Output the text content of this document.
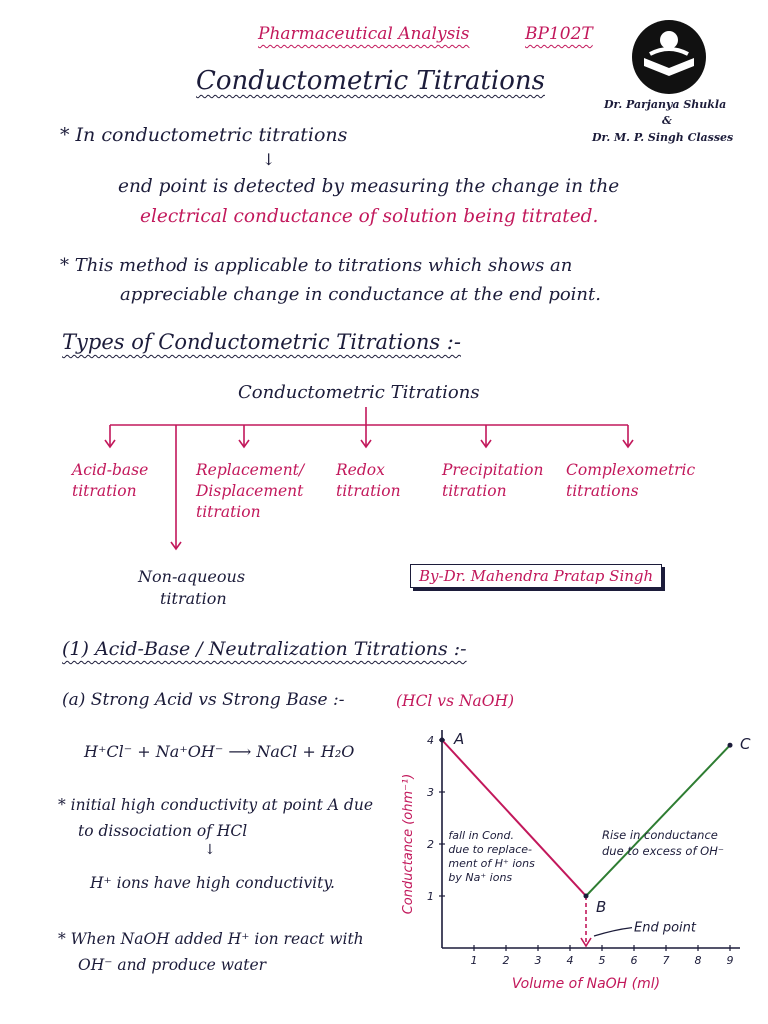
Pharmaceutical Analysis	BP102T
Dr. Parjanya Shukla
&
Dr. M. P. Singh Classes
Conductometric Titrations
* In conductometric titrations
↓
end point is detected by measuring the change in the
electrical conductance of solution being titrated.
* This method is applicable to titrations which shows an
appreciable change in conductance at the end point.
Types of Conductometric Titrations :-
Conductometric Titrations
Acid-base
titration
Replacement/
Displacement
titration
Redox
titration
Precipitation
titration
Complexometric
titrations
Non-aqueous
titration
By-Dr. Mahendra Pratap Singh
(1) Acid-Base / Neutralization Titrations :-
(a) Strong Acid vs Strong Base :-	(HCl vs NaOH)
H⁺Cl⁻ + Na⁺OH⁻ ⟶ NaCl + H₂O
* initial high conductivity at point A due
to dissociation of HCl
↓
H⁺ ions have high conductivity.
* When NaOH added H⁺ ion react with
OH⁻ and produce water	1 2 3 4 5 6 7 8 9
1
2
3
4
Volume of NaOH (ml)
Conductance (ohm⁻¹)
A
B
C
fall in Cond.
due to replace-
ment of H⁺ ions
by Na⁺ ions
Rise in conductance
due to excess of OH⁻
End point
